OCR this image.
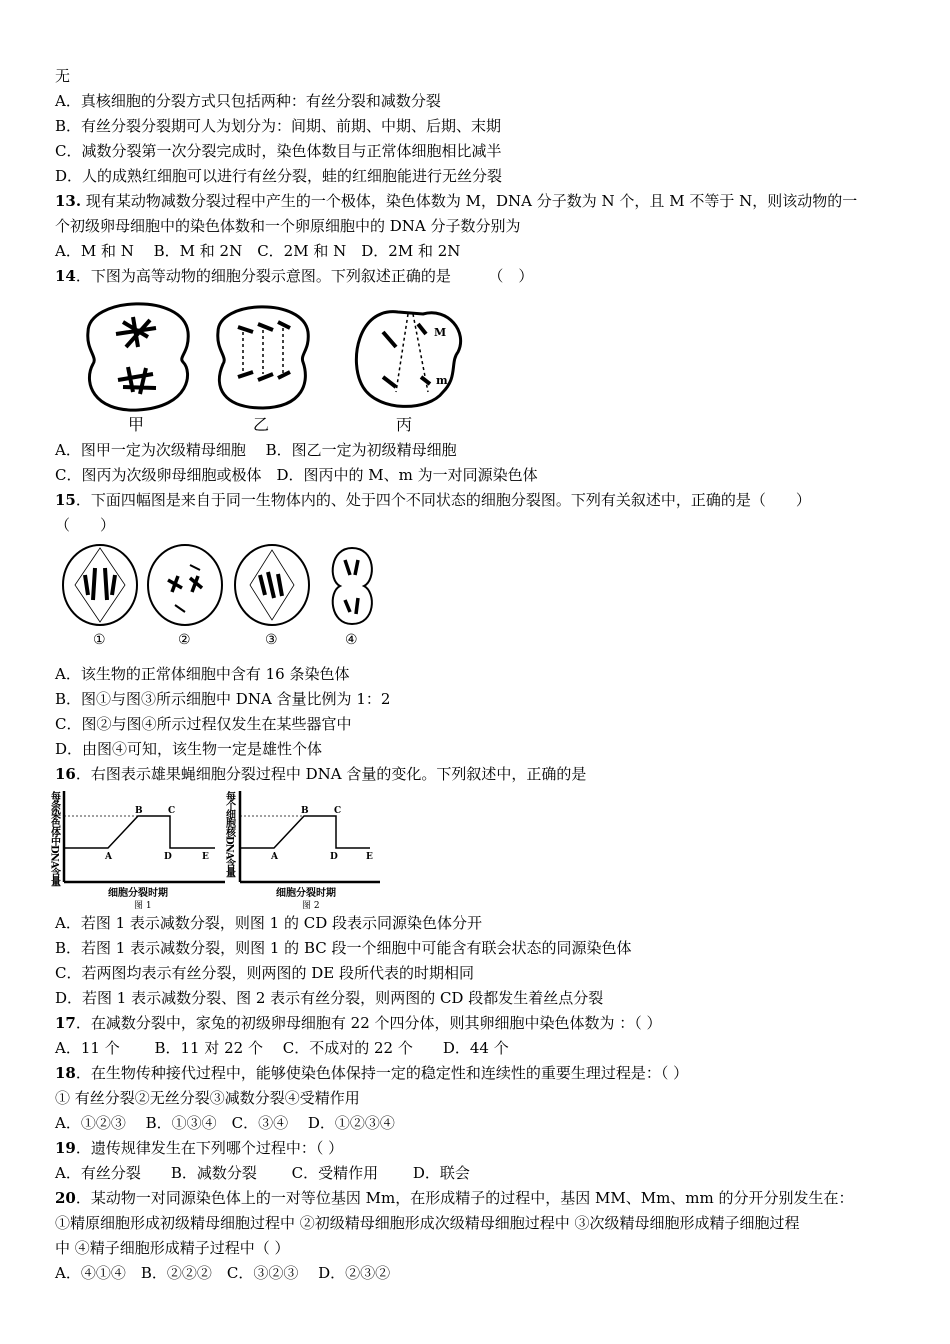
无
A．真核细胞的分裂方式只包括两种：有丝分裂和减数分裂
B．有丝分裂分裂期可人为划分为：间期、前期、中期、后期、末期
C．减数分裂第一次分裂完成时，染色体数目与正常体细胞相比减半
D．人的成熟红细胞可以进行有丝分裂，蛙的红细胞能进行无丝分裂
13. 现有某动物减数分裂过程中产生的一个极体，染色体数为 M，DNA 分子数为 N 个，且 M 不等于 N，则该动物的一
个初级卵母细胞中的染色体数和一个卵原细胞中的 DNA 分子数分别为
A．M 和 N　 B．M 和 2N　C．2M 和 N　D．2M 和 2N
14．下图为高等动物的细胞分裂示意图。下列叙述正确的是　　　（　）
M
m
甲	乙	丙
A．图甲一定为次级精母细胞　 B．图乙一定为初级精母细胞
C．图丙为次级卵母细胞或极体　D．图丙中的 M、m 为一对同源染色体
15．下面四幅图是来自于同一生物体内的、处于四个不同状态的细胞分裂图。下列有关叙述中，正确的是（　　）
（　　）
①	②	③	④
A．该生物的正常体细胞中含有 16 条染色体
B．图①与图③所示细胞中 DNA 含量比例为 1：2
C．图②与图④所示过程仅发生在某些器官中
D．由图④可知，该生物一定是雄性个体
16．右图表示雄果蝇细胞分裂过程中 DNA 含量的变化。下列叙述中，正确的是
A
B	C
D	E
每条染色体中DNA含量
细胞分裂时期
图 1
A
B	C
D	E
每个细胞核DNA含量
细胞分裂时期
图 2
A．若图 1 表示减数分裂，则图 1 的 CD 段表示同源染色体分开
B．若图 1 表示减数分裂，则图 1 的 BC 段一个细胞中可能含有联会状态的同源染色体
C．若两图均表示有丝分裂，则两图的 DE 段所代表的时期相同
D．若图 1 表示减数分裂、图 2 表示有丝分裂，则两图的 CD 段都发生着丝点分裂
17．在减数分裂中，家兔的初级卵母细胞有 22 个四分体，则其卵细胞中染色体数为 ：（ ）
A．11 个　　 B．11 对 22 个　 C．不成对的 22 个　　D．44 个
18．在生物传种接代过程中，能够使染色体保持一定的稳定性和连续性的重要生理过程是：（ ）
① 有丝分裂②无丝分裂③减数分裂④受精作用
A．①②③　 B．①③④　C．③④　 D．①②③④
19．遗传规律发生在下列哪个过程中：（ ）
A．有丝分裂　　B．减数分裂　　 C．受精作用　　 D．联会
20．某动物一对同源染色体上的一对等位基因 Mm，在形成精子的过程中，基因 MM、Mm、mm 的分开分别发生在：
①精原细胞形成初级精母细胞过程中 ②初级精母细胞形成次级精母细胞过程中 ③次级精母细胞形成精子细胞过程
中 ④精子细胞形成精子过程中（ ）
A．④①④　B．②②②　C．③②③　 D．②③②
